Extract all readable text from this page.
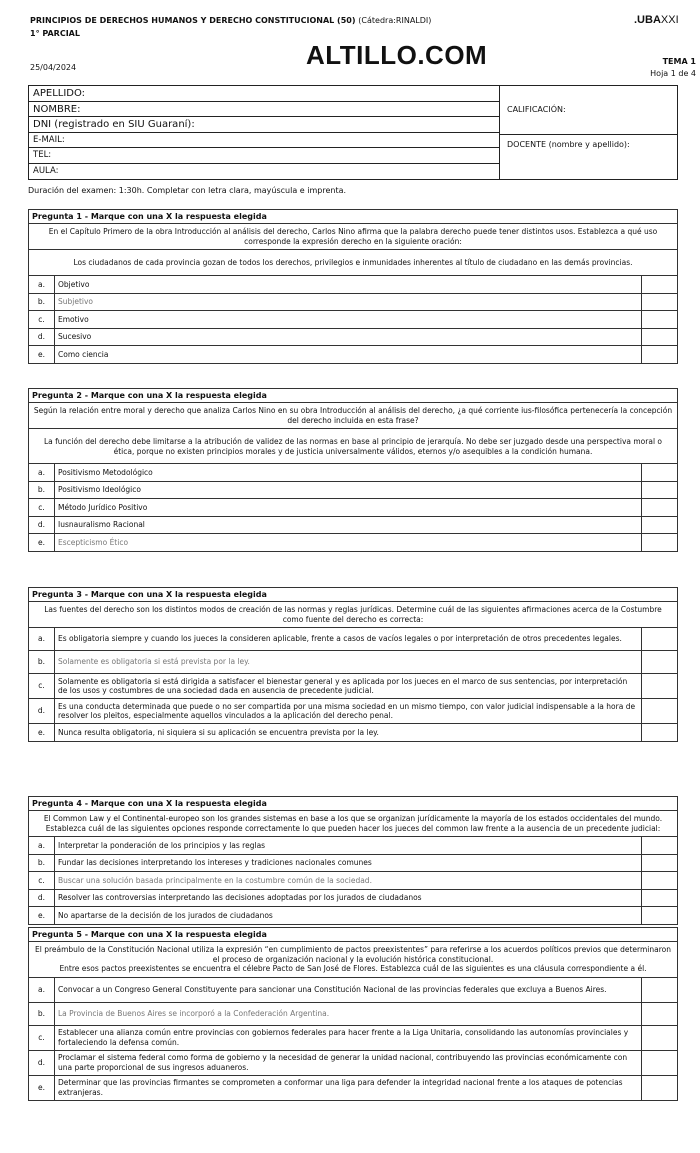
PRINCIPIOS DE DERECHOS HUMANOS Y DERECHO CONSTITUCIONAL (50) (Cátedra:RINALDI)
1° PARCIAL
25/04/2024	ALTILLO.COM
.UBAXXI
TEMA 1
Hoja 1 de 4
APELLIDO:
NOMBRE:
DNI (registrado en SIU Guaraní):
E-MAIL:
TEL:
AULA:
CALIFICACIÓN:
DOCENTE (nombre y apellido):
Duración del examen: 1:30h. Completar con letra clara, mayúscula e imprenta.
Pregunta 1 - Marque con una X la respuesta elegida		
En el Capítulo Primero de la obra Introducción al análisis del derecho, Carlos Nino afirma que la palabra derecho puede tener distintos usos. Establezca a qué uso corresponde la expresión derecho en la siguiente oración:		
Los ciudadanos de cada provincia gozan de todos los derechos, privilegios e inmunidades inherentes al título de ciudadano en las demás provincias.		
a.	Objetivo	
b.	Subjetivo	
c.	Emotivo	
d.	Sucesivo	
e.	Como ciencia	
Pregunta 2 - Marque con una X la respuesta elegida		
Según la relación entre moral y derecho que analiza Carlos Nino en su obra Introducción al análisis del derecho, ¿a qué corriente ius-filosófica pertenecería la concepción del derecho incluida en esta frase?		
La función del derecho debe limitarse a la atribución de validez de las normas en base al principio de jerarquía. No debe ser juzgado desde una perspectiva moral o ética, porque no existen principios morales y de justicia universalmente válidos, eternos y/o asequibles a la condición humana.		
a.	Positivismo Metodológico	
b.	Positivismo Ideológico	
c.	Método Jurídico Positivo	
d.	Iusnauralismo Racional	
e.	Escepticismo Ético	
Pregunta 3 - Marque con una X la respuesta elegida		
Las fuentes del derecho son los distintos modos de creación de las normas y reglas jurídicas. Determine cuál de las siguientes afirmaciones acerca de la Costumbre como fuente del derecho es correcta:		
a.	Es obligatoria siempre y cuando los jueces la consideren aplicable, frente a casos de vacíos legales o por interpretación de otros precedentes legales.	
b.	Solamente es obligatoria si está prevista por la ley.	
c.	Solamente es obligatoria si está dirigida a satisfacer el bienestar general y es aplicada por los jueces en el marco de sus sentencias, por interpretación de los usos y costumbres de una sociedad dada en ausencia de precedente judicial.	
d.	Es una conducta determinada que puede o no ser compartida por una misma sociedad en un mismo tiempo, con valor judicial indispensable a la hora de resolver los pleitos, especialmente aquellos vinculados a la aplicación del derecho penal.	
e.	Nunca resulta obligatoria, ni siquiera si su aplicación se encuentra prevista por la ley.	
Pregunta 4 - Marque con una X la respuesta elegida		
El Common Law y el Continental-europeo son los grandes sistemas en base a los que se organizan jurídicamente la mayoría de los estados occidentales del mundo. Establezca cuál de las siguientes opciones responde correctamente lo que pueden hacer los jueces del common law frente a la ausencia de un precedente judicial:		
a.	Interpretar la ponderación de los principios y las reglas	
b.	Fundar las decisiones interpretando los intereses y tradiciones nacionales comunes	
c.	Buscar una solución basada principalmente en la costumbre común de la sociedad.	
d.	Resolver las controversias interpretando las decisiones adoptadas por los jurados de ciudadanos	
e.	No apartarse de la decisión de los jurados de ciudadanos	
Pregunta 5 - Marque con una X la respuesta elegida		
El preámbulo de la Constitución Nacional utiliza la expresión “en cumplimiento de pactos preexistentes” para referirse a los acuerdos políticos previos que determinaron el proceso de organización nacional y la evolución histórica constitucional.
Entre esos pactos preexistentes se encuentra el célebre Pacto de San José de Flores. Establezca cuál de las siguientes es una cláusula correspondiente a él.		
a.	Convocar a un Congreso General Constituyente para sancionar una Constitución Nacional de las provincias federales que excluya a Buenos Aires.	
b.	La Provincia de Buenos Aires se incorporó a la Confederación Argentina.	
c.	Establecer una alianza común entre provincias con gobiernos federales para hacer frente a la Liga Unitaria, consolidando las autonomías provinciales y fortaleciendo la defensa común.	
d.	Proclamar el sistema federal como forma de gobierno y la necesidad de generar la unidad nacional, contribuyendo las provincias económicamente con una parte proporcional de sus ingresos aduaneros.	
e.	Determinar que las provincias firmantes se comprometen a conformar una liga para defender la integridad nacional frente a los ataques de potencias extranjeras.	
